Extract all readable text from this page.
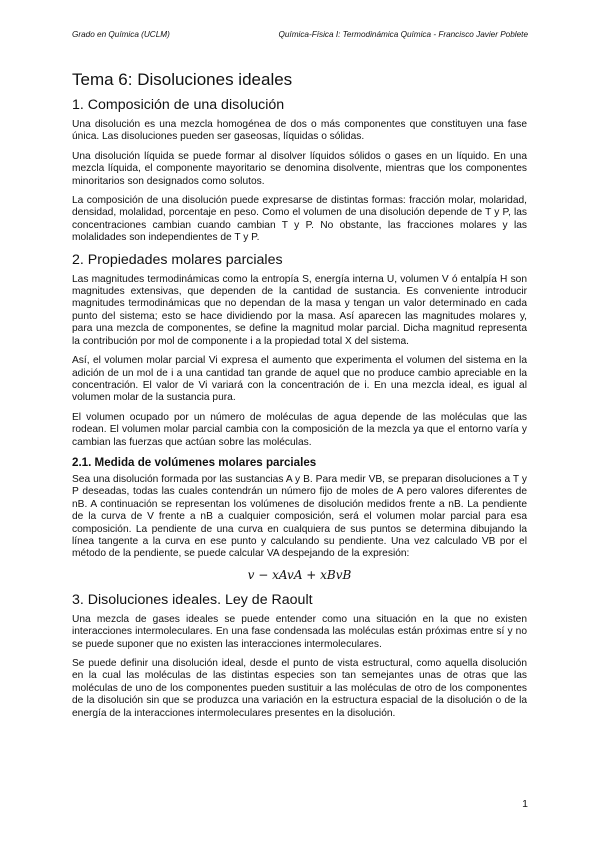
Grado en Química (UCLM)	Química-Física I: Termodinámica Química - Francisco Javier Poblete
Tema 6: Disoluciones ideales
1. Composición de una disolución

Una disolución es una mezcla homogénea de dos o más componentes que constituyen una fase única. Las disoluciones pueden ser gaseosas, líquidas o sólidas.

Una disolución líquida se puede formar al disolver líquidos sólidos o gases en un líquido. En una mezcla líquida, el componente mayoritario se denomina disolvente, mientras que los componentes minoritarios son designados como solutos.

La composición de una disolución puede expresarse de distintas formas: fracción molar, molaridad, densidad, molalidad, porcentaje en peso. Como el volumen de una disolución depende de T y P, las concentraciones cambian cuando cambian T y P. No obstante, las fracciones molares y las molalidades son independientes de T y P.

2. Propiedades molares parciales

Las magnitudes termodinámicas como la entropía S, energía interna U, volumen V ó entalpía H son magnitudes extensivas, que dependen de la cantidad de sustancia. Es conveniente introducir magnitudes termodinámicas que no dependan de la masa y tengan un valor determinado en cada punto del sistema; esto se hace dividiendo por la masa. Así aparecen las magnitudes molares y, para una mezcla de componentes, se define la magnitud molar parcial. Dicha magnitud representa la contribución por mol de componente i a la propiedad total X del sistema.

Así, el volumen molar parcial Vi expresa el aumento que experimenta el volumen del sistema en la adición de un mol de i a una cantidad tan grande de aquel que no produce cambio apreciable en la concentración. El valor de Vi variará con la concentración de i. En una mezcla ideal, es igual al volumen molar de la sustancia pura.

El volumen ocupado por un número de moléculas de agua depende de las moléculas que las rodean. El volumen molar parcial cambia con la composición de la mezcla ya que el entorno varía y cambian las fuerzas que actúan sobre las moléculas.

2.1. Medida de volúmenes molares parciales

Sea una disolución formada por las sustancias A y B. Para medir VB, se preparan disoluciones a T y P deseadas, todas las cuales contendrán un número fijo de moles de A pero valores diferentes de nB. A continuación se representan los volúmenes de disolución medidos frente a nB. La pendiente de la curva de V frente a nB a cualquier composición, será el volumen molar parcial para esa composición. La pendiente de una curva en cualquiera de sus puntos se determina dibujando la línea tangente a la curva en ese punto y calculando su pendiente. Una vez calculado VB por el método de la pendiente, se puede calcular VA despejando de la expresión:

v − xAvA + xBvB
3. Disoluciones ideales. Ley de Raoult

Una mezcla de gases ideales se puede entender como una situación en la que no existen interacciones intermoleculares. En una fase condensada las moléculas están próximas entre sí y no se puede suponer que no existen las interacciones intermoleculares.

Se puede definir una disolución ideal, desde el punto de vista estructural, como aquella disolución en la cual las moléculas de las distintas especies son tan semejantes unas de otras que las moléculas de uno de los componentes pueden sustituir a las moléculas de otro de los componentes de la disolución sin que se produzca una variación en la estructura espacial de la disolución o de la energía de la interacciones intermoleculares presentes en la disolución.

1
